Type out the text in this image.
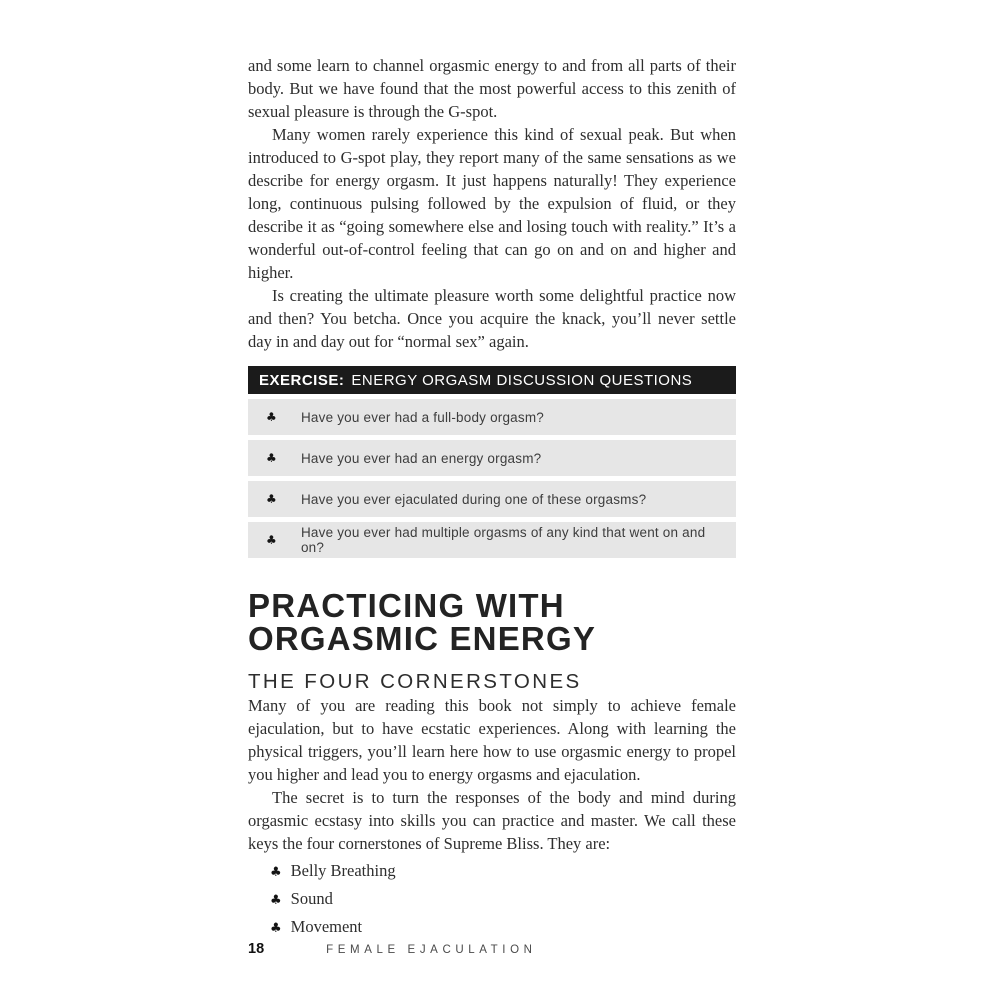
and some learn to channel orgasmic energy to and from all parts of their body. But we have found that the most powerful access to this zenith of sexual pleasure is through the G-spot.

Many women rarely experience this kind of sexual peak. But when introduced to G-spot play, they report many of the same sensations as we describe for energy orgasm. It just happens naturally! They experience long, continuous pulsing followed by the expulsion of fluid, or they describe it as “going somewhere else and losing touch with reality.” It’s a wonderful out-of-control feeling that can go on and on and higher and higher.

Is creating the ultimate pleasure worth some delightful practice now and then? You betcha. Once you acquire the knack, you’ll never settle day in and day out for “normal sex” again.

EXERCISE: ENERGY ORGASM DISCUSSION QUESTIONS
♣ Have you ever had a full-body orgasm?
♣ Have you ever had an energy orgasm?
♣ Have you ever ejaculated during one of these orgasms?
♣ Have you ever had multiple orgasms of any kind that went on and on?
PRACTICING WITH
ORGASMIC ENERGY
THE FOUR CORNERSTONES

Many of you are reading this book not simply to achieve female ejaculation, but to have ecstatic experiences. Along with learning the physical triggers, you’ll learn here how to use orgasmic energy to propel you higher and lead you to energy orgasms and ejaculation.

The secret is to turn the responses of the body and mind during orgasmic ecstasy into skills you can practice and master. We call these keys the four cornerstones of Supreme Bliss. They are:

♣ Belly Breathing
♣ Sound
♣ Movement
18	FEMALE EJACULATION
